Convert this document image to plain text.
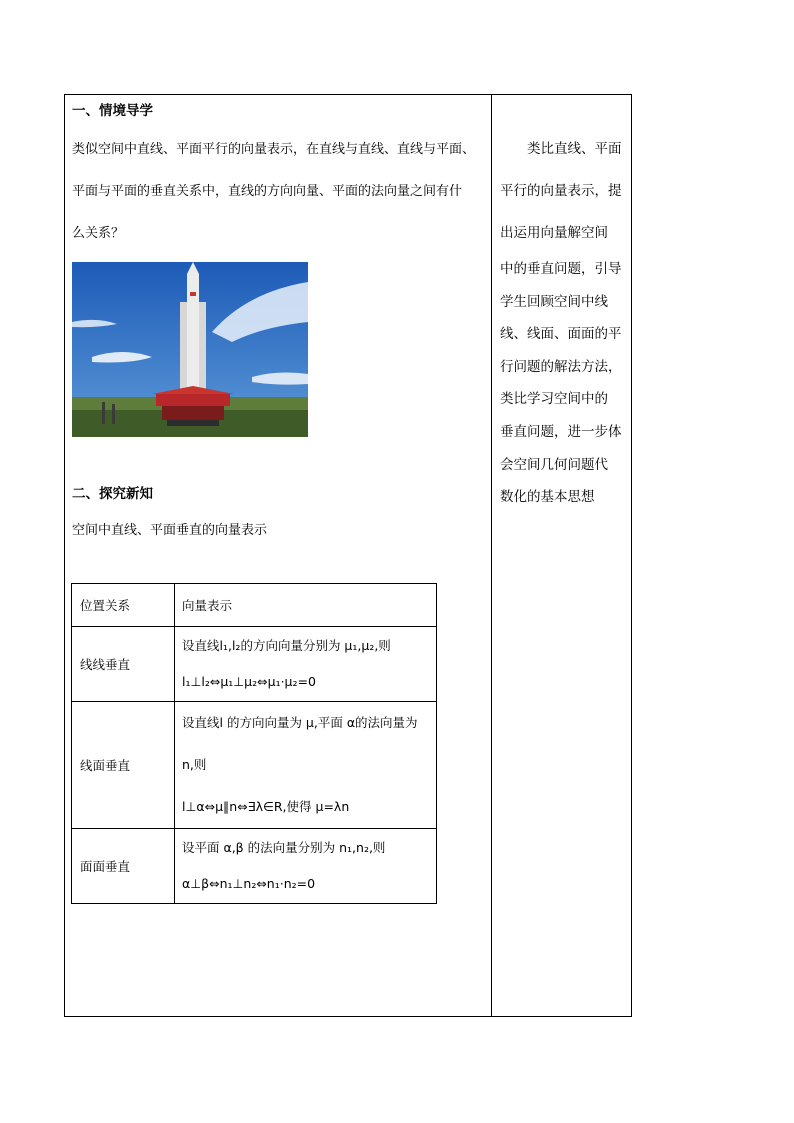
一、情境导学
类似空间中直线、平面平行的向量表示，在直线与直线、直线与平面、
平面与平面的垂直关系中，直线的方向向量、平面的法向量之间有什
么关系？
二、探究新知
空间中直线、平面垂直的向量表示
位置关系	向量表示
线线垂直	设直线l₁,l₂的方向向量分别为 μ₁,μ₂,则
l₁⊥l₂⇔μ₁⊥μ₂⇔μ₁·μ₂=0

线面垂直	设直线l 的方向向量为 μ,平面 α的法向量为
n,则
l⊥α⇔μ∥n⇔∃λ∈R,使得 μ=λn

面面垂直	设平面 α,β 的法向量分别为 n₁,n₂,则
α⊥β⇔n₁⊥n₂⇔n₁·n₂=0
　　类比直线、平面
平行的向量表示，提
出运用向量解空间
中的垂直问题，引导
学生回顾空间中线
线、线面、面面的平
行问题的解法方法，
类比学习空间中的
垂直问题，进一步体
会空间几何问题代
数化的基本思想
